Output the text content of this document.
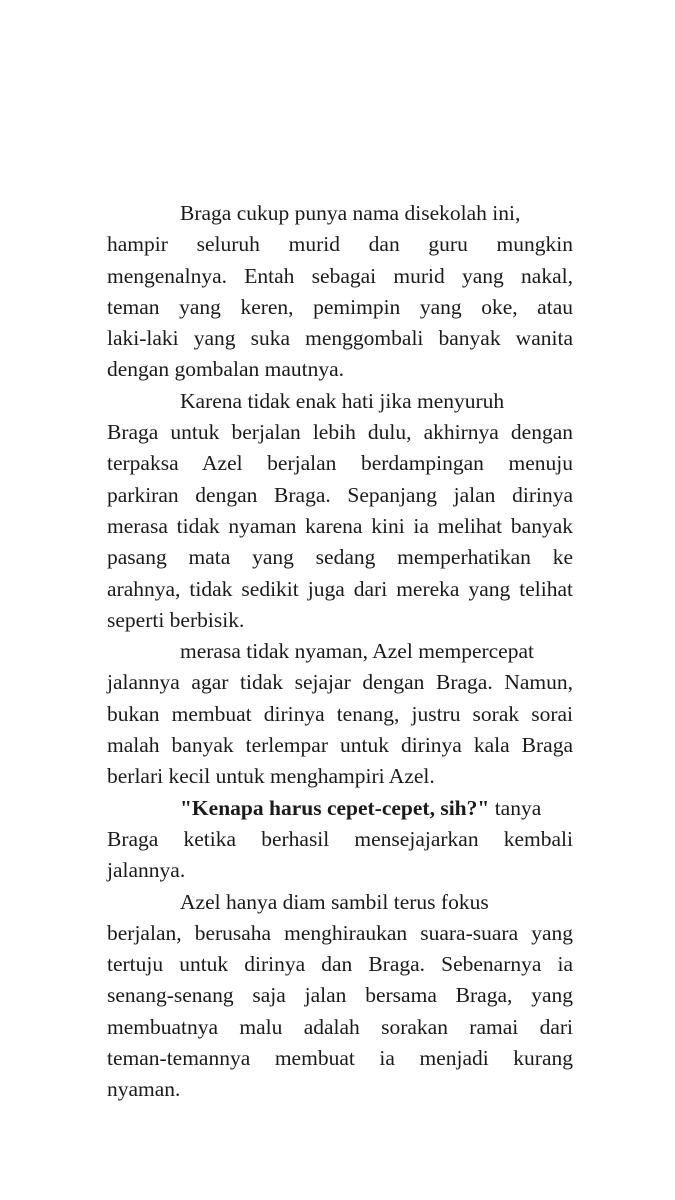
Braga cukup punya nama disekolah ini,
hampir seluruh murid dan guru mungkin
mengenalnya. Entah sebagai murid yang nakal,
teman yang keren, pemimpin yang oke, atau
laki-laki yang suka menggombali banyak wanita
dengan gombalan mautnya.
Karena tidak enak hati jika menyuruh
Braga untuk berjalan lebih dulu, akhirnya dengan
terpaksa Azel berjalan berdampingan menuju
parkiran dengan Braga. Sepanjang jalan dirinya
merasa tidak nyaman karena kini ia melihat banyak
pasang mata yang sedang memperhatikan ke
arahnya, tidak sedikit juga dari mereka yang telihat
seperti berbisik.
merasa tidak nyaman, Azel mempercepat
jalannya agar tidak sejajar dengan Braga. Namun,
bukan membuat dirinya tenang, justru sorak sorai
malah banyak terlempar untuk dirinya kala Braga
berlari kecil untuk menghampiri Azel.
"Kenapa harus cepet-cepet, sih?" tanya
Braga ketika berhasil mensejajarkan kembali
jalannya.
Azel hanya diam sambil terus fokus
berjalan, berusaha menghiraukan suara-suara yang
tertuju untuk dirinya dan Braga. Sebenarnya ia
senang-senang saja jalan bersama Braga, yang
membuatnya malu adalah sorakan ramai dari
teman-temannya membuat ia menjadi kurang
nyaman.
